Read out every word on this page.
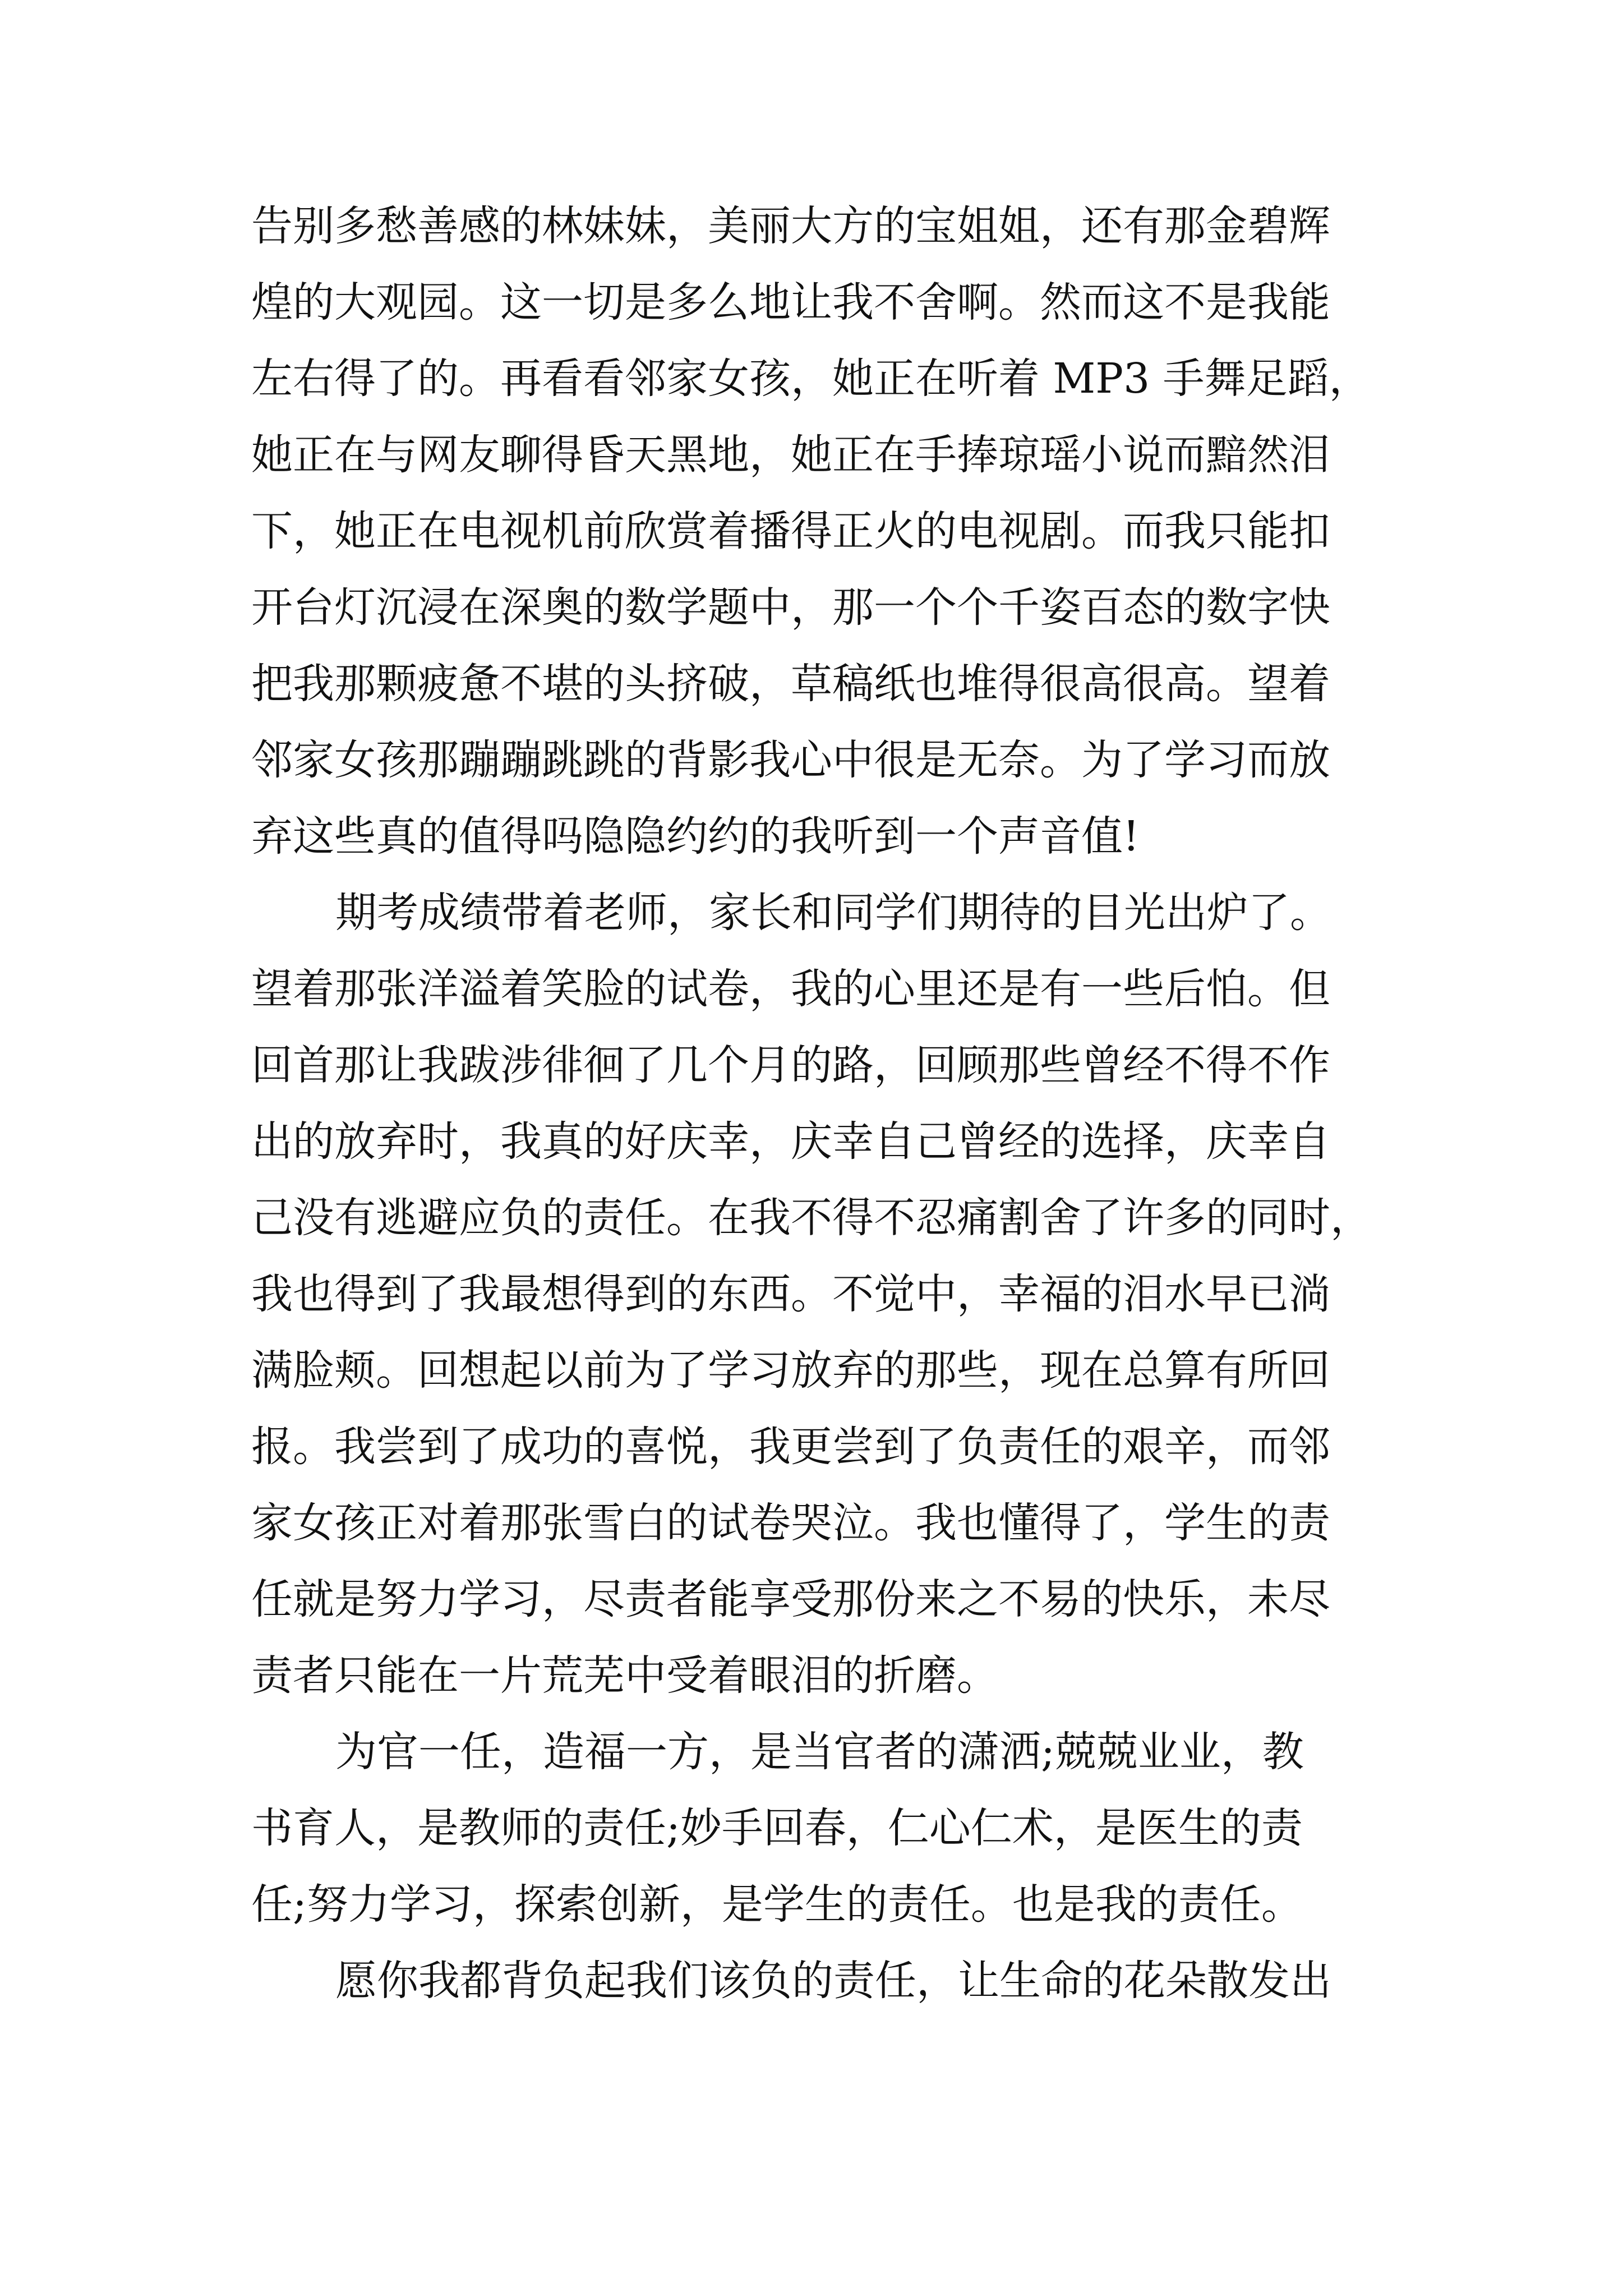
告别多愁善感的林妹妹，美丽大方的宝姐姐，还有那金碧辉
煌的大观园。这一切是多么地让我不舍啊。然而这不是我能
左右得了的。再看看邻家女孩，她正在听着 MP3 手舞足蹈，
她正在与网友聊得昏天黑地，她正在手捧琼瑶小说而黯然泪
下，她正在电视机前欣赏着播得正火的电视剧。而我只能扣
开台灯沉浸在深奥的数学题中，那一个个千姿百态的数字快
把我那颗疲惫不堪的头挤破，草稿纸也堆得很高很高。望着
邻家女孩那蹦蹦跳跳的背影我心中很是无奈。为了学习而放
弃这些真的值得吗隐隐约约的我听到一个声音值!
期考成绩带着老师，家长和同学们期待的目光出炉了。
望着那张洋溢着笑脸的试卷，我的心里还是有一些后怕。但
回首那让我跋涉徘徊了几个月的路，回顾那些曾经不得不作
出的放弃时，我真的好庆幸，庆幸自己曾经的选择，庆幸自
己没有逃避应负的责任。在我不得不忍痛割舍了许多的同时，
我也得到了我最想得到的东西。不觉中，幸福的泪水早已淌
满脸颊。回想起以前为了学习放弃的那些，现在总算有所回
报。我尝到了成功的喜悦，我更尝到了负责任的艰辛，而邻
家女孩正对着那张雪白的试卷哭泣。我也懂得了，学生的责
任就是努力学习，尽责者能享受那份来之不易的快乐，未尽
责者只能在一片荒芜中受着眼泪的折磨。
为官一任，造福一方，是当官者的潇洒;兢兢业业，教
书育人，是教师的责任;妙手回春，仁心仁术，是医生的责
任;努力学习，探索创新，是学生的责任。也是我的责任。
愿你我都背负起我们该负的责任，让生命的花朵散发出
